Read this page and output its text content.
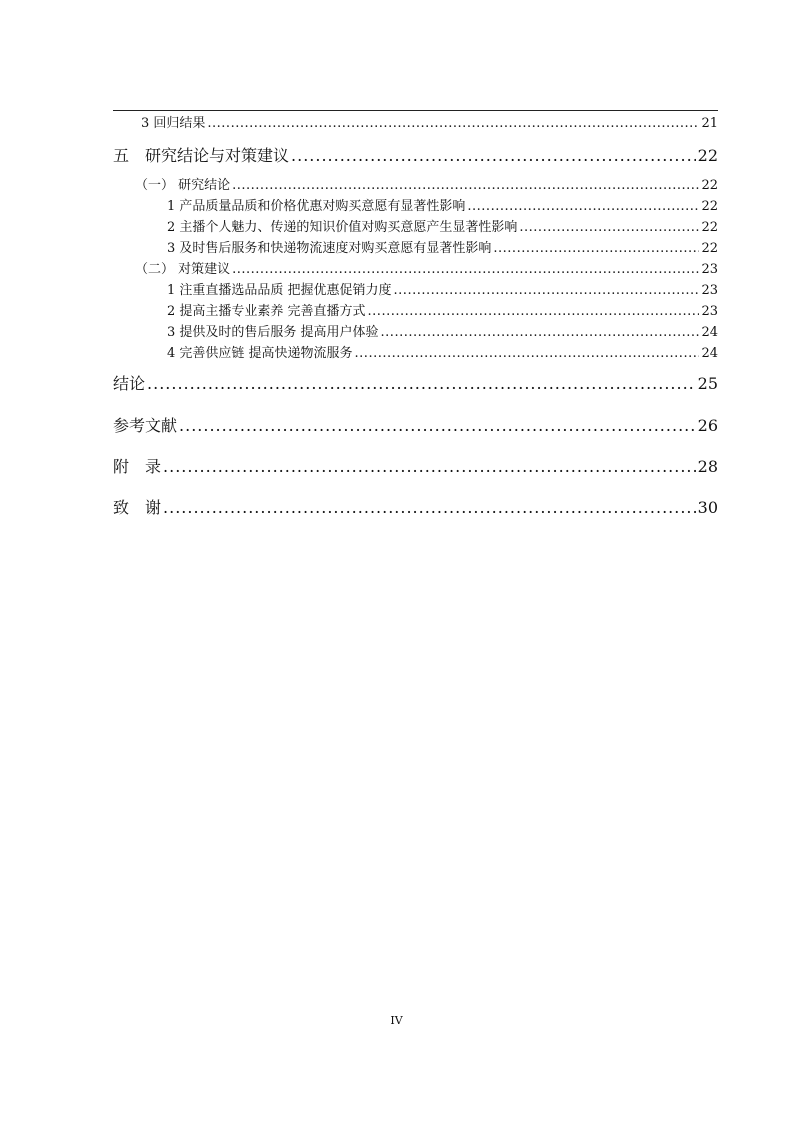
3 回归结果 .....	21
五　研究结论与对策建议 .....	22
（一） 研究结论 .....	22
1 产品质量品质和价格优惠对购买意愿有显著性影响 .....	22
2 主播个人魅力、传递的知识价值对购买意愿产生显著性影响 .....	22
3 及时售后服务和快递物流速度对购买意愿有显著性影响 .....	22
（二） 对策建议 .....	23
1 注重直播选品品质 把握优惠促销力度 .....	23
2 提高主播专业素养 完善直播方式 .....	23
3 提供及时的售后服务 提高用户体验 .....	24
4 完善供应链 提高快递物流服务 .....	24
结论 .....	25
参考文献 .....	26
附　录 .....	28
致　谢 .....	30
IV
